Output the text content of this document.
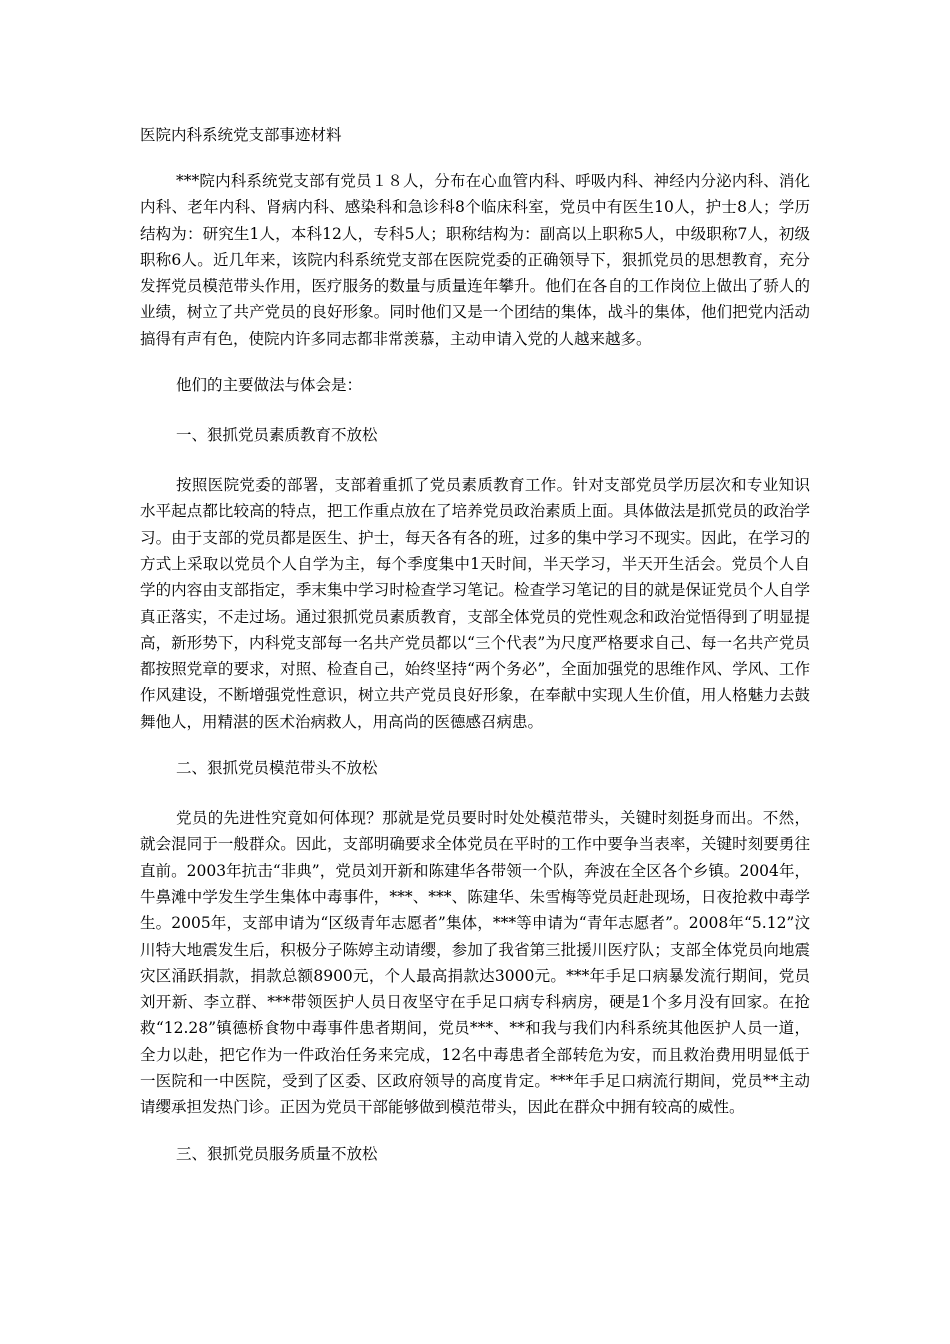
医院内科系统党支部事迹材料

***院内科系统党支部有党员１８人，分布在心血管内科、呼吸内科、神经内分泌内科、消化内科、老年内科、肾病内科、感染科和急诊科8个临床科室，党员中有医生10人，护士8人；学历结构为：研究生1人，本科12人，专科5人；职称结构为：副高以上职称5人，中级职称7人，初级职称6人。近几年来，该院内科系统党支部在医院党委的正确领导下，狠抓党员的思想教育，充分发挥党员模范带头作用，医疗服务的数量与质量连年攀升。他们在各自的工作岗位上做出了骄人的业绩，树立了共产党员的良好形象。同时他们又是一个团结的集体，战斗的集体，他们把党内活动搞得有声有色，使院内许多同志都非常羡慕，主动申请入党的人越来越多。

他们的主要做法与体会是：
一、狠抓党员素质教育不放松

按照医院党委的部署，支部着重抓了党员素质教育工作。针对支部党员学历层次和专业知识水平起点都比较高的特点，把工作重点放在了培养党员政治素质上面。具体做法是抓党员的政治学习。由于支部的党员都是医生、护士，每天各有各的班，过多的集中学习不现实。因此，在学习的方式上采取以党员个人自学为主，每个季度集中1天时间，半天学习，半天开生活会。党员个人自学的内容由支部指定，季末集中学习时检查学习笔记。检查学习笔记的目的就是保证党员个人自学真正落实，不走过场。通过狠抓党员素质教育，支部全体党员的党性观念和政治觉悟得到了明显提高，新形势下，内科党支部每一名共产党员都以“三个代表”为尺度严格要求自己、每一名共产党员都按照党章的要求，对照、检查自己，始终坚持“两个务必”，全面加强党的思维作风、学风、工作作风建设，不断增强党性意识，树立共产党员良好形象，在奉献中实现人生价值，用人格魅力去鼓舞他人，用精湛的医术治病救人，用高尚的医德感召病患。

二、狠抓党员模范带头不放松

党员的先进性究竟如何体现？那就是党员要时时处处模范带头，关键时刻挺身而出。不然，就会混同于一般群众。因此，支部明确要求全体党员在平时的工作中要争当表率，关键时刻要勇往直前。2003年抗击“非典”，党员刘开新和陈建华各带领一个队，奔波在全区各个乡镇。2004年，牛鼻滩中学发生学生集体中毒事件，***、***、陈建华、朱雪梅等党员赶赴现场，日夜抢救中毒学生。2005年，支部申请为“区级青年志愿者”集体，***等申请为“青年志愿者”。2008年“5.12”汶川特大地震发生后，积极分子陈婷主动请缨，参加了我省第三批援川医疗队；支部全体党员向地震灾区涌跃捐款，捐款总额8900元，个人最高捐款达3000元。***年手足口病暴发流行期间，党员刘开新、李立群、***带领医护人员日夜坚守在手足口病专科病房，硬是1个多月没有回家。在抢救“12.28”镇德桥食物中毒事件患者期间，党员***、**和我与我们内科系统其他医护人员一道，全力以赴，把它作为一件政治任务来完成，12名中毒患者全部转危为安，而且救治费用明显低于一医院和一中医院，受到了区委、区政府领导的高度肯定。***年手足口病流行期间，党员**主动请缨承担发热门诊。正因为党员干部能够做到模范带头，因此在群众中拥有较高的威性。

三、狠抓党员服务质量不放松
